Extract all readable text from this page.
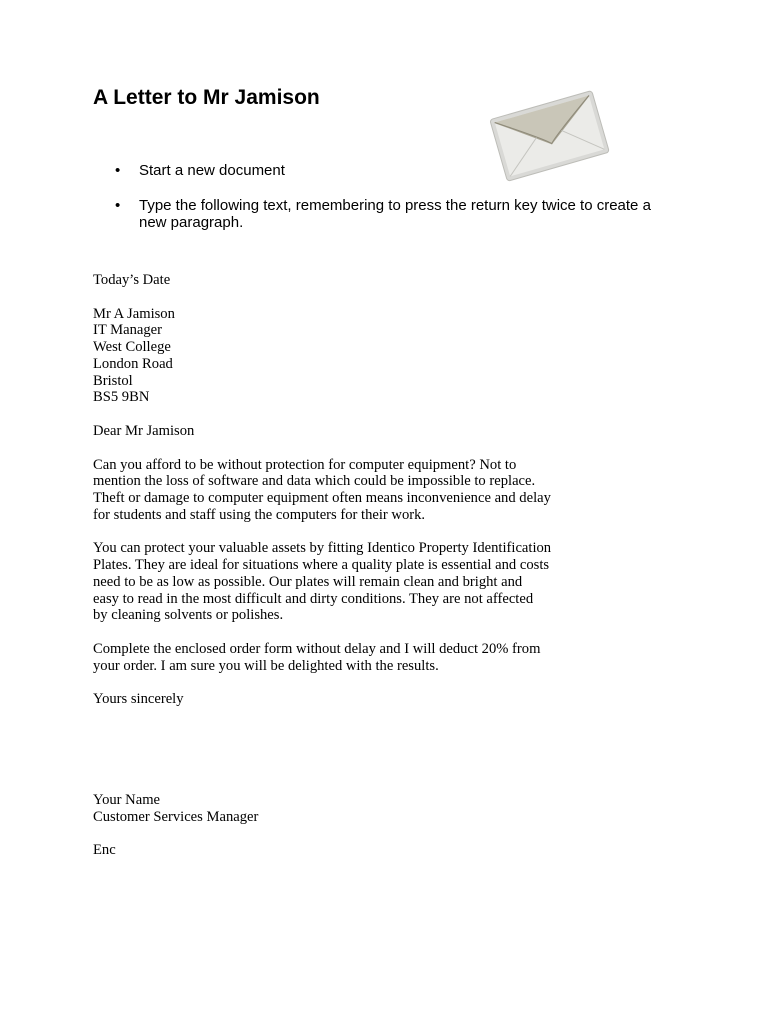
A Letter to Mr Jamison
• Start a new document
• Type the following text, remembering to press the return key twice to create a new paragraph.

Today’s Date

Mr A Jamison
IT Manager
West College
London Road
Bristol
BS5 9BN

Dear Mr Jamison

Can you afford to be without protection for computer equipment? Not to
mention the loss of software and data which could be impossible to replace.
Theft or damage to computer equipment often means inconvenience and delay
for students and staff using the computers for their work.

You can protect your valuable assets by fitting Identico Property Identification
Plates. They are ideal for situations where a quality plate is essential and costs
need to be as low as possible. Our plates will remain clean and bright and
easy to read in the most difficult and dirty conditions. They are not affected
by cleaning solvents or polishes.

Complete the enclosed order form without delay and I will deduct 20% from
your order. I am sure you will be delighted with the results.

Yours sincerely

Your Name
Customer Services Manager

Enc
